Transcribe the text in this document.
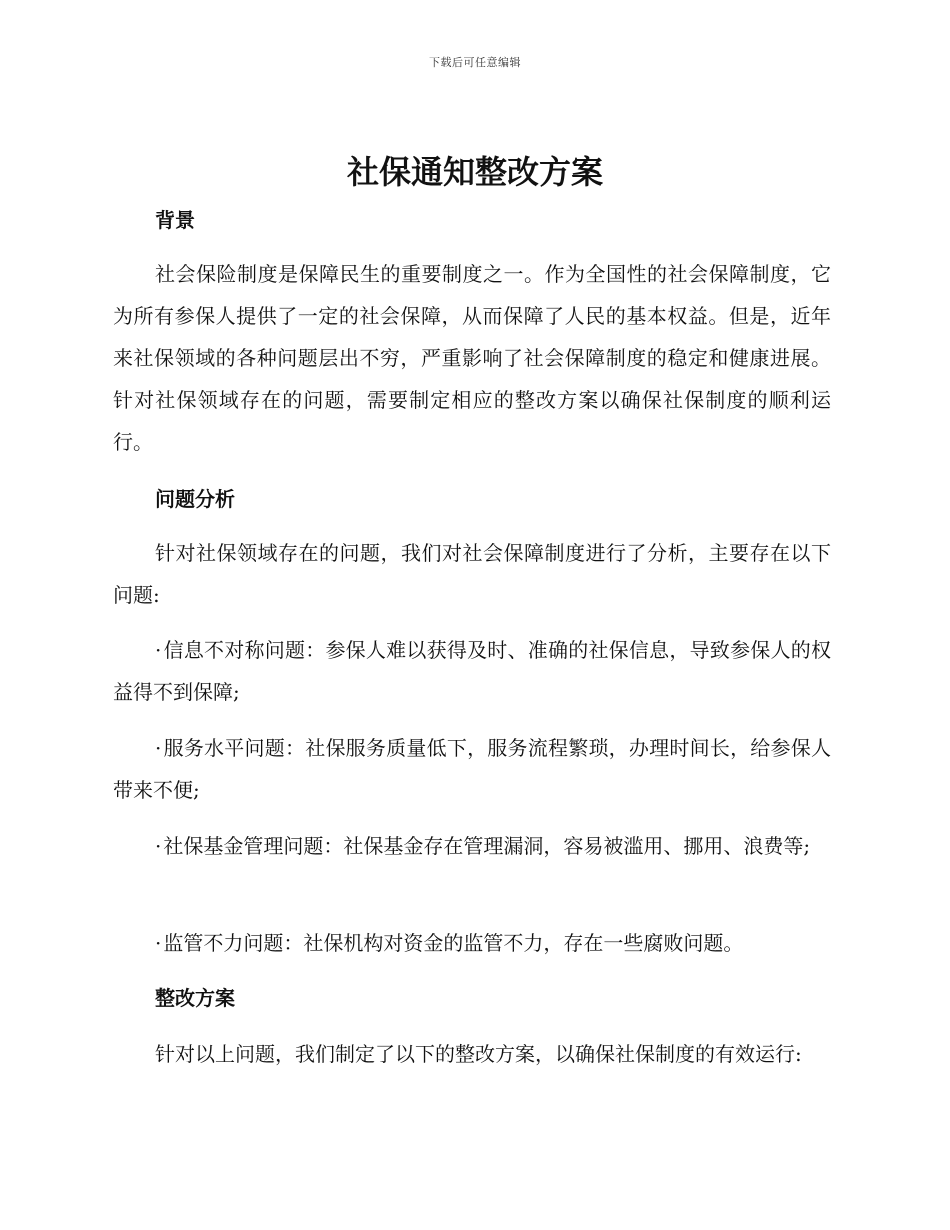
下载后可任意编辑
社保通知整改方案
背景

社会保险制度是保障民生的重要制度之一。作为全国性的社会保障制度，它为所有参保人提供了一定的社会保障，从而保障了人民的基本权益。但是，近年来社保领域的各种问题层出不穷，严重影响了社会保障制度的稳定和健康进展。针对社保领域存在的问题，需要制定相应的整改方案以确保社保制度的顺利运行。

问题分析

针对社保领域存在的问题，我们对社会保障制度进行了分析，主要存在以下问题:

· 信息不对称问题：参保人难以获得及时、准确的社保信息，导致参保人的权益得不到保障;

· 服务水平问题：社保服务质量低下，服务流程繁琐，办理时间长，给参保人带来不便;

· 社保基金管理问题：社保基金存在管理漏洞，容易被滥用、挪用、浪费等;

· 监管不力问题：社保机构对资金的监管不力，存在一些腐败问题。

整改方案

针对以上问题，我们制定了以下的整改方案，以确保社保制度的有效运行:
